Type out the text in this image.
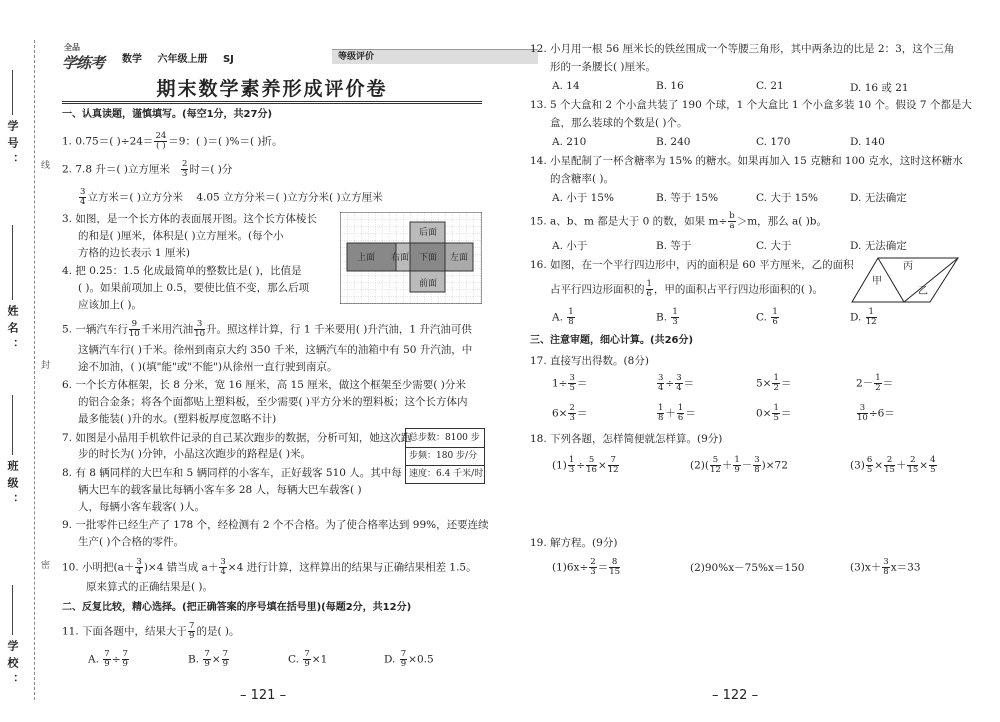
学号： 线
姓名：
封
班级：
密
学校：
全品
学练考 数学 六年级上册 SJ	等级评价
期末数学素养形成评价卷
一、认真读题，谨慎填写。(每空1分，共27分)
1. 0.75＝( )$\div 24= \frac{24}{( )} =9$：( )＝( )%＝( )折。
2. 7.8 升＝( )立方厘米 $\frac{2}{3}$ 时＝( )分
$\frac{3}{4}$ 立方米＝( )立方分米 4.05 立方分米＝( )立方分米( )立方厘米
3. 如图，是一个长方体的表面展开图。这个长方体棱长
的和是( )厘米，体积是( )立方厘米。(每个小
方格的边长表示 1 厘米)
4. 把 0.25：1.5 化成最简单的整数比是( )，比值是
( )。如果前项加上 0.5，要使比值不变，那么后项
应该加上( )。
后面
上面 右面 下面 左面
前面
5. 一辆汽车行 $\frac{9}{10}$ 千米用汽油 $\frac{3}{10}$ 升。照这样计算，行 1 千米要用( )升汽油，1 升汽油可供
这辆汽车行( )千米。徐州到南京大约 350 千米，这辆汽车的油箱中有 50 升汽油，中
途不加油，( )(填"能"或"不能")从徐州一直行驶到南京。
6. 一个长方体框架，长 8 分米，宽 16 厘米，高 15 厘米，做这个框架至少需要( )分米
的铝合金条；将各个面都贴上塑料板，至少需要( )平方分米的塑料板；这个长方体内
最多能装( )升的水。(塑料板厚度忽略不计)
7. 如图是小晶用手机软件记录的自己某次跑步的数据，分析可知，她这次跑
步的时长为( )分钟，小晶这次跑步的路程是( )米。
总步数：8100 步
步频：180 步/分
速度：6.4 千米/时
8. 有 8 辆同样的大巴车和 5 辆同样的小客车，正好载客 510 人。其中每
辆大巴车的载客量比每辆小客车多 28 人，每辆大巴车载客( )
人，每辆小客车载客( )人。
9. 一批零件已经生产了 178 个，经检测有 2 个不合格。为了使合格率达到 99%，还要连续
生产( )个合格的零件。
10. 小明把$(a+ \frac{3}{4} )\times 4$ 错当成 $a+ \frac{3}{4} \times 4$ 进行计算，这样算出的结果与正确结果相差 1.5。
原来算式的正确结果是( )。
二、反复比较，精心选择。(把正确答案的序号填在括号里)(每题2分，共12分)
11. 下面各题中，结果大于 $\frac{7}{9}$ 的是( )。
A. $\frac{7}{9} \div \frac{7}{9}$	B. $\frac{7}{9} \times \frac{7}{9}$	C. $\frac{7}{9} \times 1$	D. $\frac{7}{9} \times 0.5$
– 121 –
12. 小月用一根 56 厘米长的铁丝围成一个等腰三角形，其中两条边的比是 2：3，这个三角
形的一条腰长( )厘米。
A. 14	B. 16	C. 21	D. 16 或 21
13. 5 个大盒和 2 个小盒共装了 190 个球，1 个大盒比 1 个小盒多装 10 个。假设 7 个都是大
盒，那么装球的个数是( )个。
A. 210	B. 240	C. 170	D. 140
14. 小星配制了一杯含糖率为 15% 的糖水。如果再加入 15 克糖和 100 克水，这时这杯糖水
的含糖率( )。
A. 小于 15%	B. 等于 15%	C. 大于 15%	D. 无法确定
15. a、b、m 都是大于 0 的数，如果 $m\div \frac{b}{a} >m$，那么 a( )b。
A. 小于	B. 等于	C. 大于	D. 无法确定
16. 如图，在一个平行四边形中，丙的面积是 60 平方厘米，乙的面积
占平行四边形面积的 $\frac{1}{6}$ ，甲的面积占平行四边形面积的( )。
甲
丙
乙
A. $\frac{1}{8}$	B. $\frac{1}{3}$	C. $\frac{1}{6}$	D. $\frac{1}{12}$
三、注意审题，细心计算。(共26分)
17. 直接写出得数。(8分)
$1\div \frac{3}{5}$ ＝	$\frac{3}{4} \div \frac{3}{4}$ ＝	$5\times \frac{1}{2}$ ＝	$2- \frac{1}{2}$ ＝
$6\times \frac{2}{3}$ ＝	$\frac{1}{8} + \frac{1}{6}$ ＝	$0\times \frac{1}{5}$ ＝	$\frac{3}{10} \div 6=$
18. 下列各题，怎样简便就怎样算。(9分)
$(1) \frac{1}{3} \div \frac{5}{16} \times \frac{7}{12}$	$(2)( \frac{5}{12} + \frac{1}{9} - \frac{3}{8} )\times 72$	$(3) \frac{6}{5} \times \frac{2}{15} + \frac{2}{15} \times \frac{4}{5}$
19. 解方程。(9分)
$(1)6x\div \frac{2}{3} = \frac{8}{15}$	(2)90%x－75%x＝150	$(3)x+ \frac{3}{8} x=33$
– 122 –
